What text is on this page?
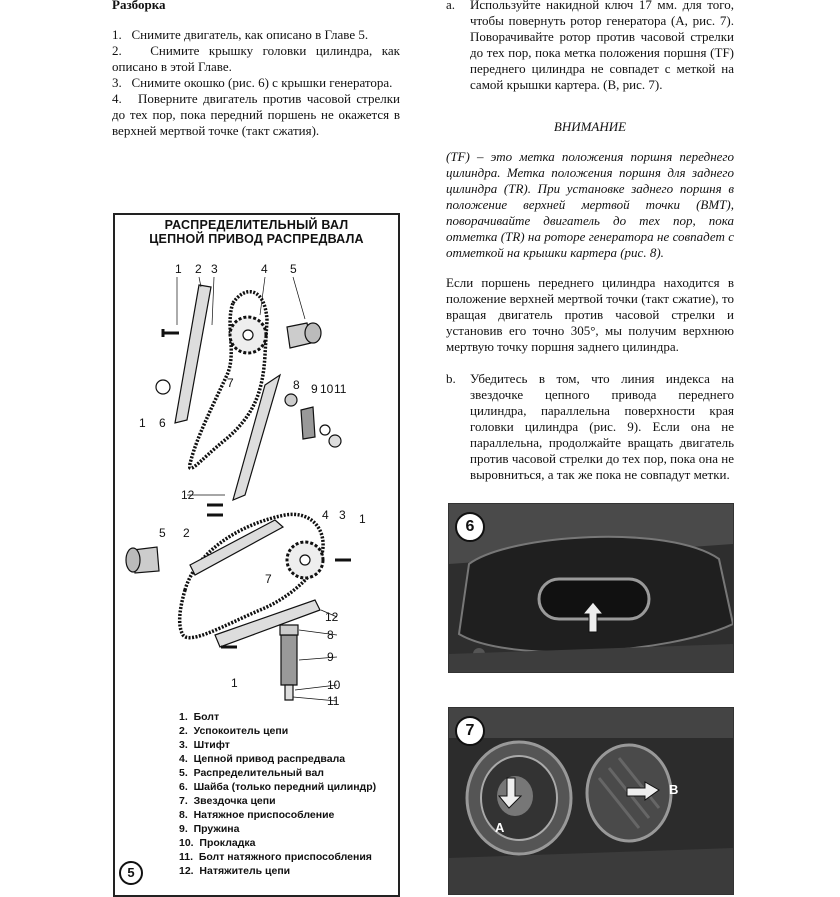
Разборка
1.   Снимите двигатель, как описано в Главе 5.
2.   Снимите крышку головки цилиндра, как описано в этой Главе.
3.   Снимите окошко (рис. 6) с крышки генератора.
4.   Поверните двигатель против часовой стрелки до тех пор, пока передний поршень не окажется в верхней мертвой точке (такт сжатия).
РАСПРЕДЕЛИТЕЛЬНЫЙ ВАЛ
ЦЕПНОЙ ПРИВОД РАСПРЕДВАЛА
1 2 3	4 5
7	8 9 10 11
1 6
12
5 2
4 3 1
7
12
8
9
1	10
11
1.  Болт
2.  Успокоитель цепи
3.  Штифт
4.  Цепной привод распредвала
5.  Распределительный вал
6.  Шайба (только передний цилиндр)
7.  Звездочка цепи
8.  Натяжное приспособление
9.  Пружина
10.  Прокладка
11.  Болт натяжного приспособления
12.  Натяжитель цепи
5
a. Используйте накидной ключ 17 мм. для того, чтобы повернуть ротор генератора (A, рис. 7). Поворачивайте ротор против часовой стрелки до тех пор, пока метка положения поршня (TF) переднего цилиндра не совпадет с меткой на самой крышки картера. (B, рис. 7).

ВНИМАНИЕ

(TF) – это метка положения поршня переднего цилиндра. Метка положения поршня для заднего цилиндра (TR). При установке заднего поршня в положение верхней мертвой точки (ВМТ), поворачивайте двигатель до тех пор, пока отметка (TR) на роторе генератора не совпадет с отметкой на крышки картера (рис. 8).

Если поршень переднего цилиндра находится в положение верхней мертвой точки (такт сжатие), то вращая двигатель против часовой стрелки и установив его точно 305°, мы получим верхнюю мертвую точку поршня заднего цилиндра.

b. Убедитесь в том, что линия индекса на звездочке цепного привода переднего цилиндра, параллельна поверхности края головки цилиндра (рис. 9). Если она не параллельна, продолжайте вращать двигатель против часовой стрелки до тех пор, пока она не выровниться, а так же пока не совпадут метки.

6
7
A
B
